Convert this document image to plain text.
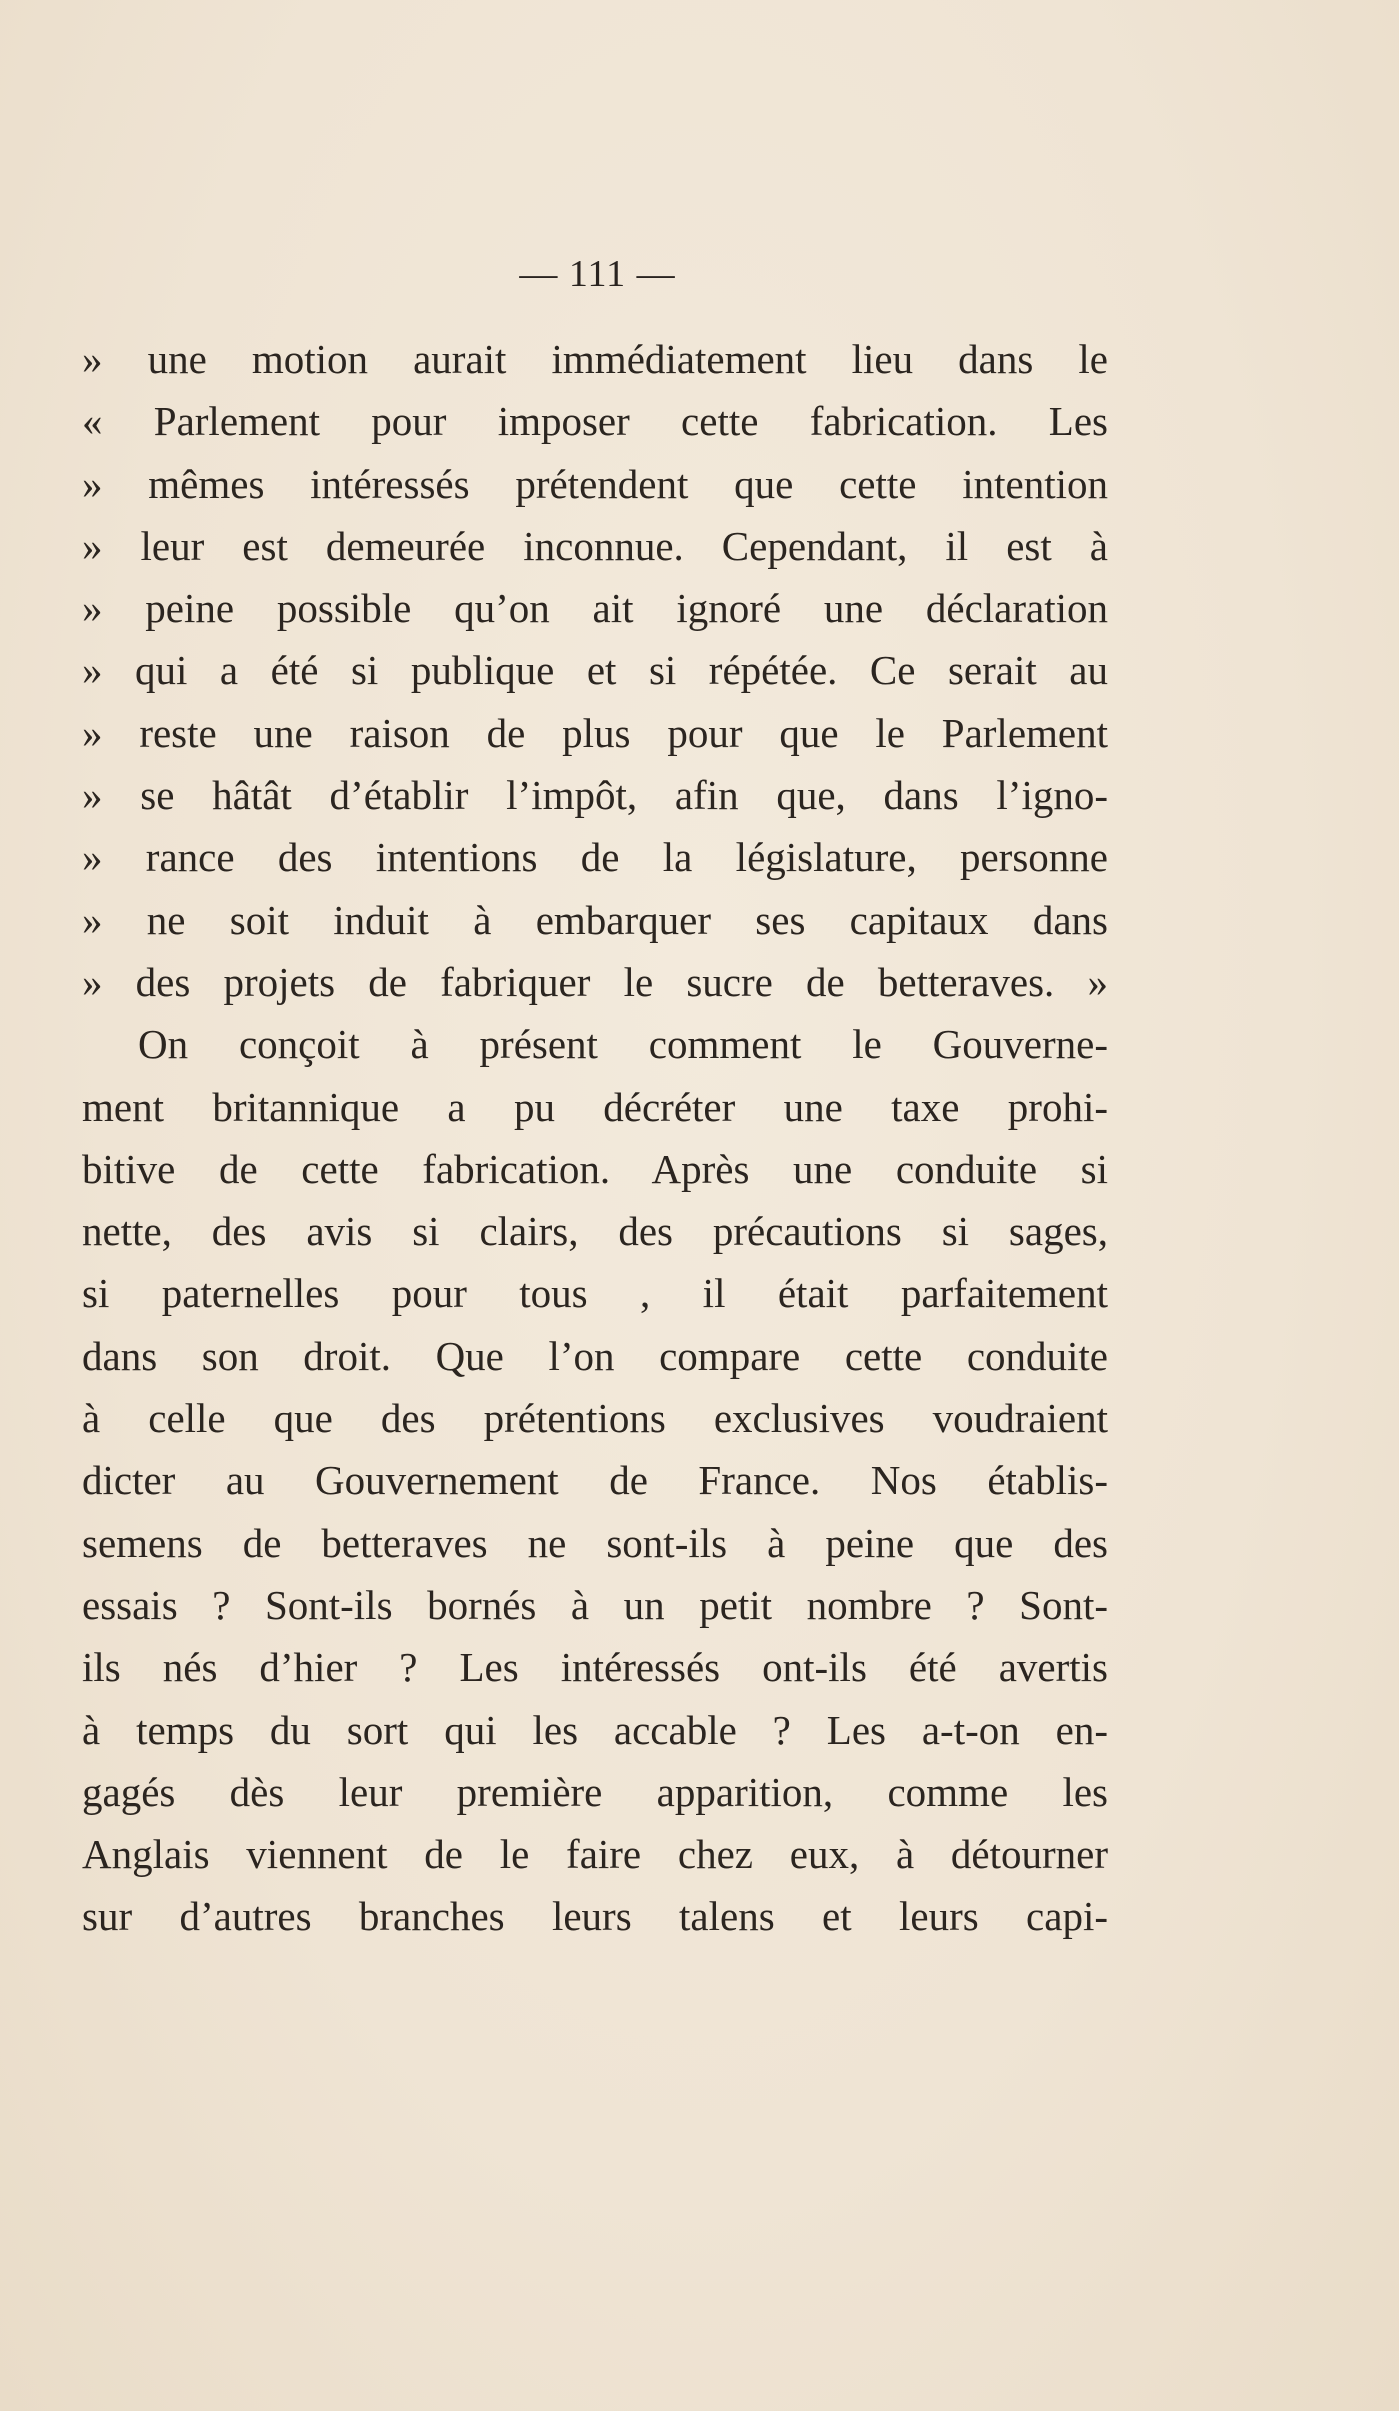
— 111 —
» une motion aurait immédiatement lieu dans le
« Parlement pour imposer cette fabrication. Les
» mêmes intéressés prétendent que cette intention
» leur est demeurée inconnue. Cependant, il est à
» peine possible qu’on ait ignoré une déclaration
» qui a été si publique et si répétée. Ce serait au
» reste une raison de plus pour que le Parlement
» se hâtât d’établir l’impôt, afin que, dans l’igno-
» rance des intentions de la législature, personne
» ne soit induit à embarquer ses capitaux dans
» des projets de fabriquer le sucre de betteraves. »
On conçoit à présent comment le Gouverne-
ment britannique a pu décréter une taxe prohi-
bitive de cette fabrication. Après une conduite si
nette, des avis si clairs, des précautions si sages,
si paternelles pour tous , il était parfaitement
dans son droit. Que l’on compare cette conduite
à celle que des prétentions exclusives voudraient
dicter au Gouvernement de France. Nos établis-
semens de betteraves ne sont-ils à peine que des
essais ? Sont-ils bornés à un petit nombre ? Sont-
ils nés d’hier ? Les intéressés ont-ils été avertis
à temps du sort qui les accable ? Les a-t-on en-
gagés dès leur première apparition, comme les
Anglais viennent de le faire chez eux, à détourner
sur d’autres branches leurs talens et leurs capi-
